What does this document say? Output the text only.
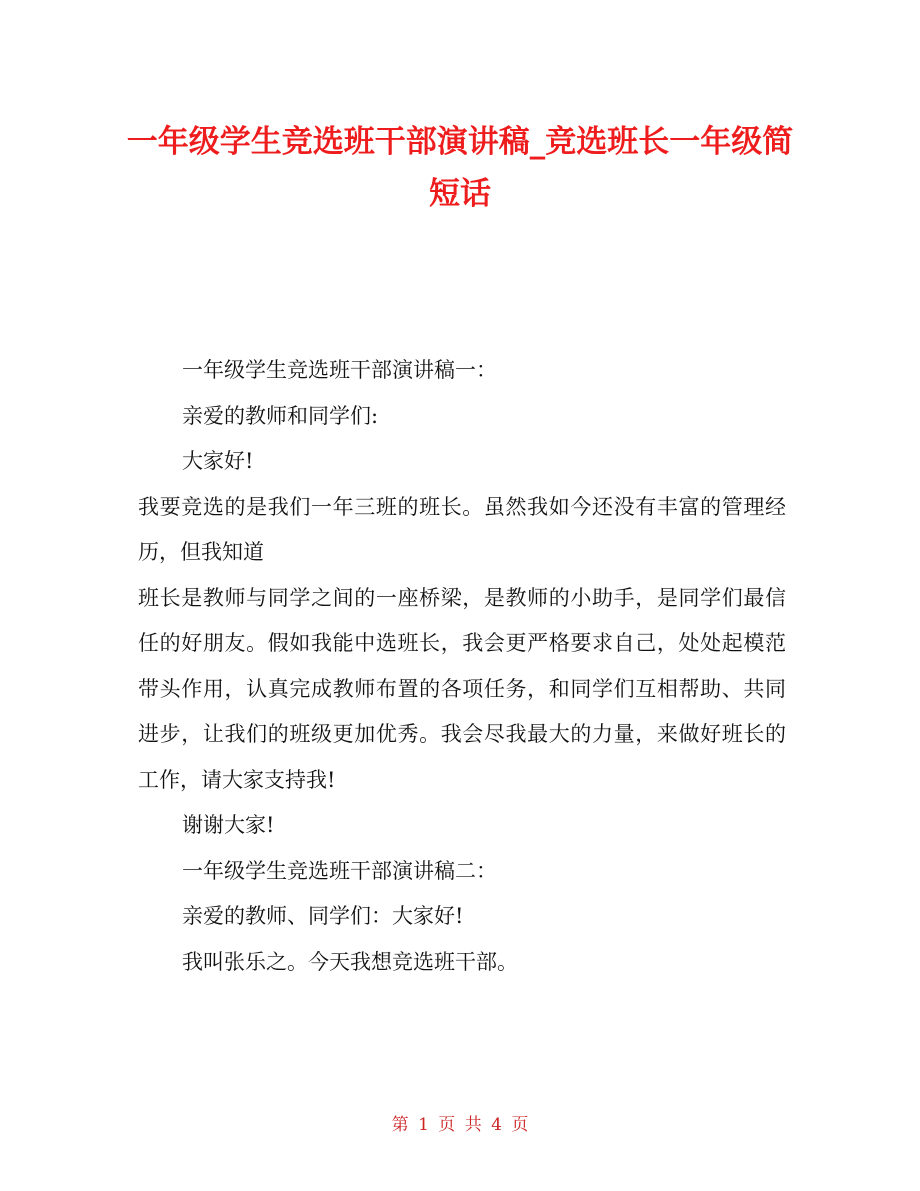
一年级学生竞选班干部演讲稿_竞选班长一年级简短话

一年级学生竞选班干部演讲稿一：

亲爱的教师和同学们:

大家好!

我要竞选的是我们一年三班的班长。虽然我如今还没有丰富的管理经历，但我知道

班长是教师与同学之间的一座桥梁，是教师的小助手，是同学们最信任的好朋友。假如我能中选班长，我会更严格要求自己，处处起模范带头作用，认真完成教师布置的各项任务，和同学们互相帮助、共同进步，让我们的班级更加优秀。我会尽我最大的力量，来做好班长的工作，请大家支持我!

谢谢大家!

一年级学生竞选班干部演讲稿二：

亲爱的教师、同学们：大家好!

我叫张乐之。今天我想竞选班干部。

第 1 页 共 4 页
